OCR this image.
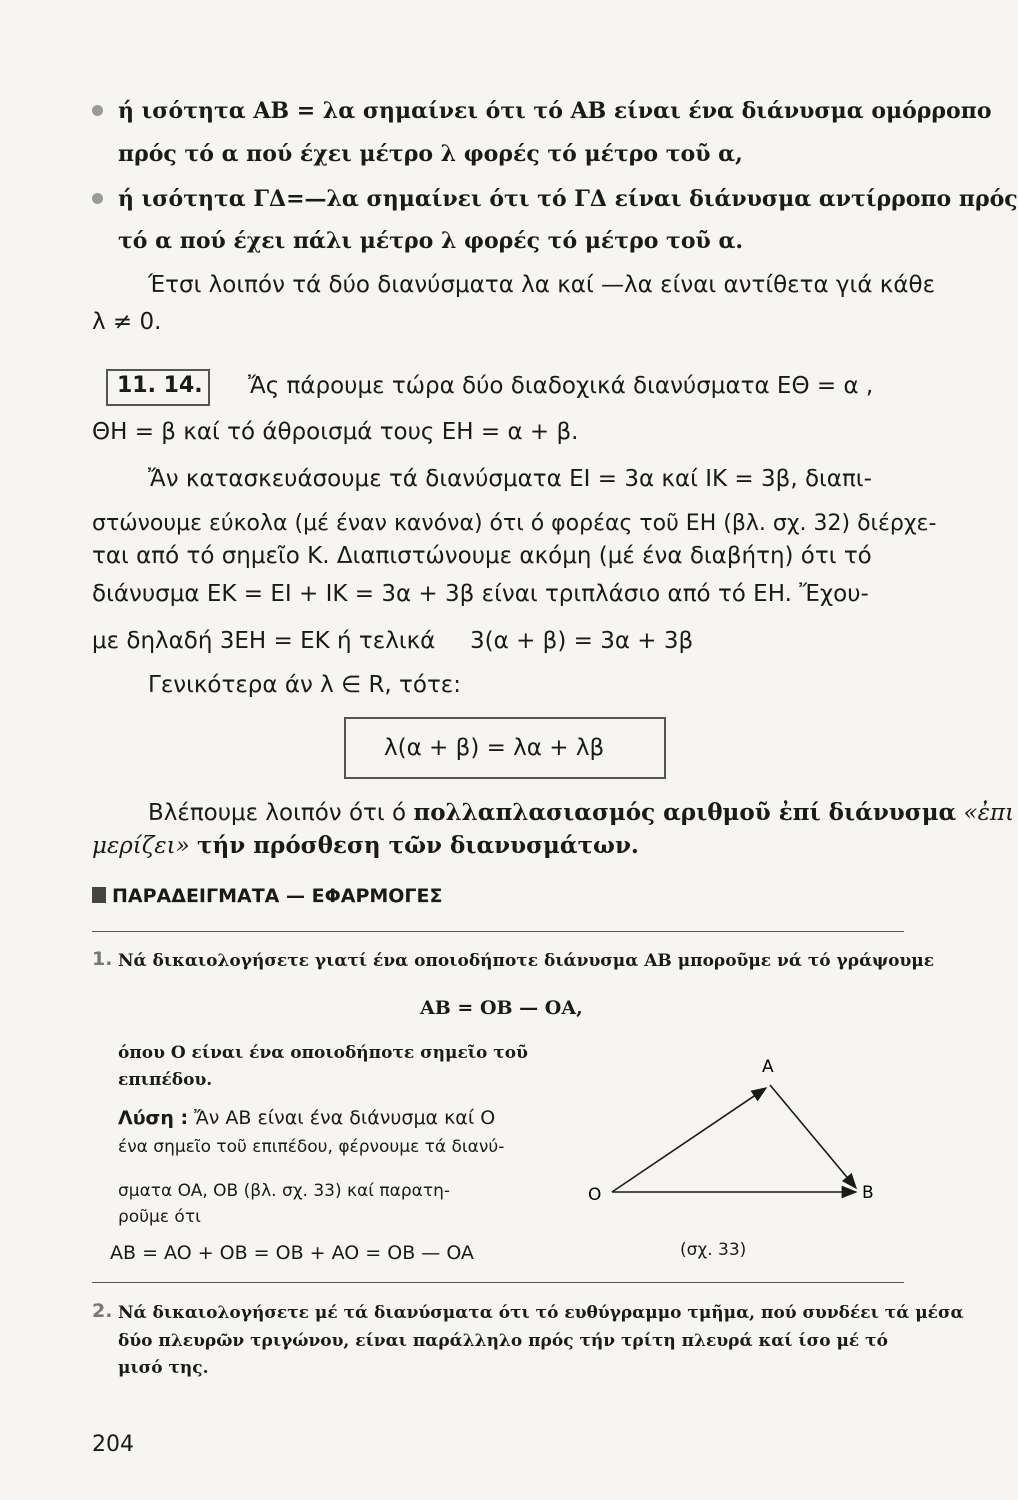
ή ισότητα AB = λα σημαίνει ότι τό AB είναι ένα διάνυσμα ομόρροπο
πρός τό α πού έχει μέτρο λ φορές τό μέτρο τοῦ α,
ή ισότητα ΓΔ=—λα σημαίνει ότι τό ΓΔ είναι διάνυσμα αντίρροπο πρός
τό α πού έχει πάλι μέτρο λ φορές τό μέτρο τοῦ α.
Έτσι λοιπόν τά δύο διανύσματα λα καί —λα είναι αντίθετα γιά κάθε
λ ≠ 0.
11. 14. Ἄς πάρουμε τώρα δύο διαδοχικά διανύσματα EΘ = α ,
ΘH = β καί τό άθροισμά τους EH = α + β.
Ἄν κατασκευάσουμε τά διανύσματα EI = 3α καί IK = 3β, διαπι-
στώνουμε εύκολα (μέ έναν κανόνα) ότι ό φορέας τοῦ EH (βλ. σχ. 32) διέρχε-
ται από τό σημεῖο K. Διαπιστώνουμε ακόμη (μέ ένα διαβήτη) ότι τό
διάνυσμα EK = EI + IK = 3α + 3β είναι τριπλάσιο από τό EH. Ἔχου-
με δηλαδή 3EH = EK ή τελικά 3(α + β) = 3α + 3β
Γενικότερα άν λ ∈ R, τότε:
λ(α + β) = λα + λβ
Βλέπουμε λοιπόν ότι ό πολλαπλασιασμός αριθμοῦ ἐπί διάνυσμα «ἐπι
μερίζει» τήν πρόσθεση τῶν διανυσμάτων.
ΠΑΡΑΔΕΙΓΜΑΤΑ — ΕΦΑΡΜΟΓΕΣ
1. Νά δικαιολογήσετε γιατί ένα οποιοδήποτε διάνυσμα AB μποροῦμε νά τό γράψουμε
AB = OB — OA,
όπου O είναι ένα οποιοδήποτε σημεῖο τοῦ
επιπέδου.
Λύση : Ἄν AB είναι ένα διάνυσμα καί O
ένα σημεῖο τοῦ επιπέδου, φέρνουμε τά διανύ-
σματα OA, OB (βλ. σχ. 33) καί παρατη-
ροῦμε ότι
AB = AO + OB = OB + AO = OB — OA
O
A
B
(σχ. 33)
2. Νά δικαιολογήσετε μέ τά διανύσματα ότι τό ευθύγραμμο τμῆμα, πού συνδέει τά μέσα
δύο πλευρῶν τριγώνου, είναι παράλληλο πρός τήν τρίτη πλευρά καί ίσο μέ τό
μισό της.
204
